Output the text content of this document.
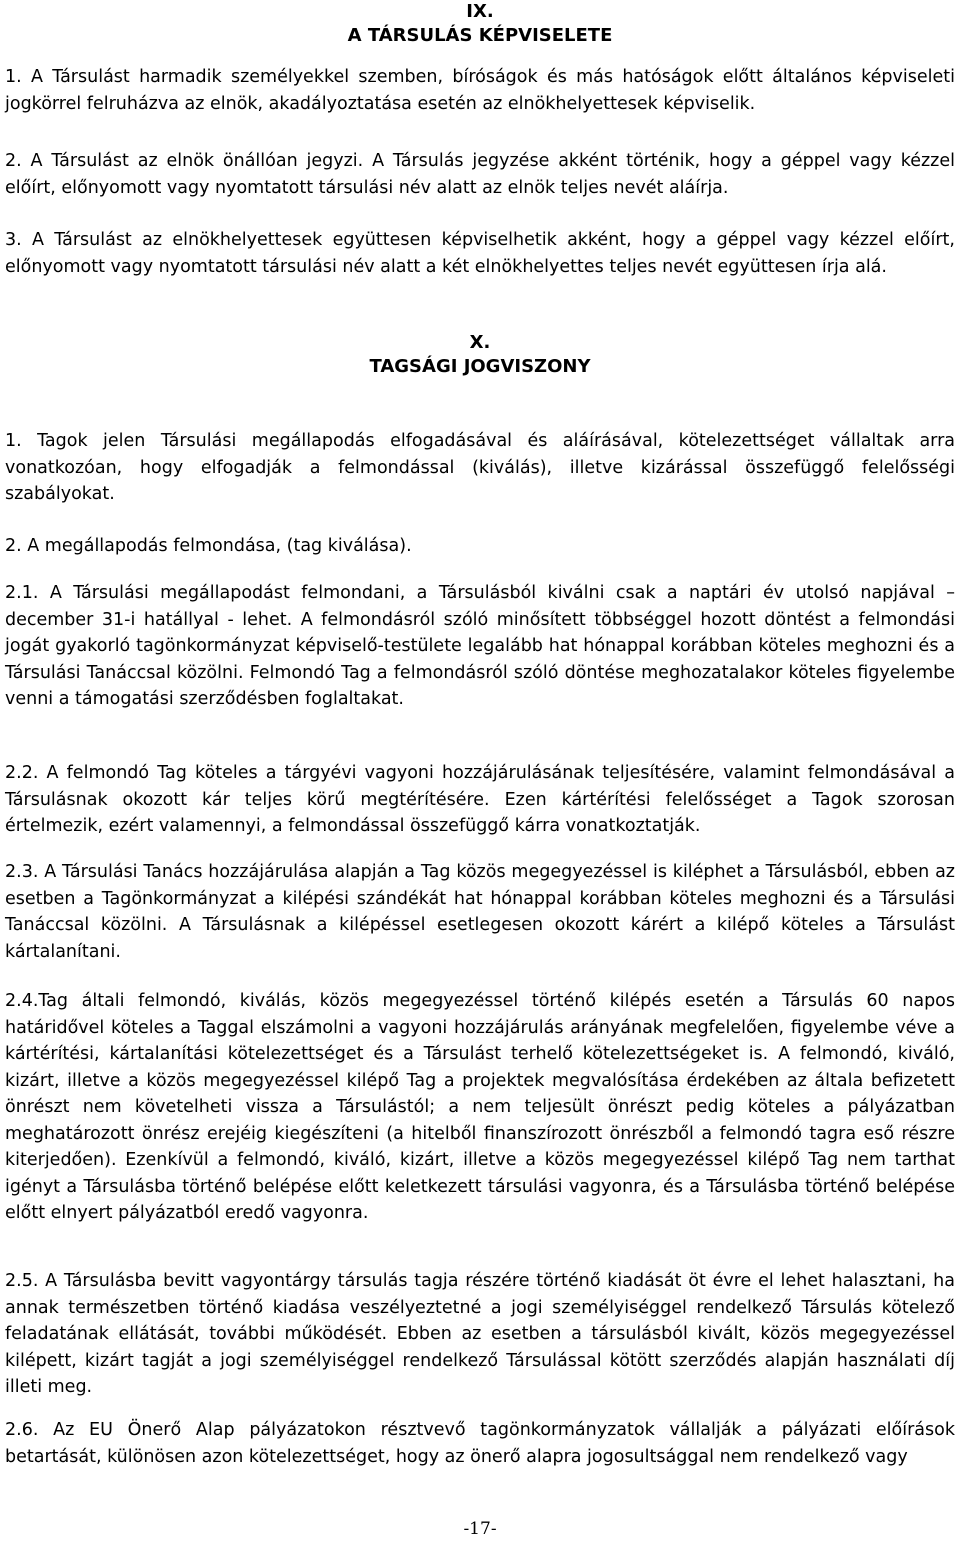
IX.
A TÁRSULÁS KÉPVISELETE

1. A Társulást harmadik személyekkel szemben, bíróságok és más hatóságok előtt általános képviseleti jogkörrel felruházva az elnök, akadályoztatása esetén az elnökhelyettesek képviselik.

2. A Társulást az elnök önállóan jegyzi. A Társulás jegyzése akként történik, hogy a géppel vagy kézzel előírt, előnyomott vagy nyomtatott társulási név alatt az elnök teljes nevét aláírja.

3. A Társulást az elnökhelyettesek együttesen képviselhetik akként, hogy a géppel vagy kézzel előírt, előnyomott vagy nyomtatott társulási név alatt a két elnökhelyettes teljes nevét együttesen írja alá.

X.
TAGSÁGI JOGVISZONY

1. Tagok jelen Társulási megállapodás elfogadásával és aláírásával, kötelezettséget vállaltak arra vonatkozóan, hogy elfogadják a felmondással (kiválás), illetve kizárással összefüggő felelősségi szabályokat.

2. A megállapodás felmondása, (tag kiválása).

2.1. A Társulási megállapodást felmondani, a Társulásból kiválni csak a naptári év utolsó napjával – december 31-i hatállyal - lehet. A felmondásról szóló minősített többséggel hozott döntést a felmondási jogát gyakorló tagönkormányzat képviselő-testülete legalább hat hónappal korábban köteles meghozni és a Társulási Tanáccsal közölni. Felmondó Tag a felmondásról szóló döntése meghozatalakor köteles figyelembe venni a támogatási szerződésben foglaltakat.

2.2. A felmondó Tag köteles a tárgyévi vagyoni hozzájárulásának teljesítésére, valamint felmondásával a Társulásnak okozott kár teljes körű megtérítésére. Ezen kártérítési felelősséget a Tagok szorosan értelmezik, ezért valamennyi, a felmondással összefüggő kárra vonatkoztatják.

2.3. A Társulási Tanács hozzájárulása alapján a Tag közös megegyezéssel is kiléphet a Társulásból, ebben az esetben a Tagönkormányzat a kilépési szándékát hat hónappal korábban köteles meghozni és a Társulási Tanáccsal közölni. A Társulásnak a kilépéssel esetlegesen okozott kárért a kilépő köteles a Társulást kártalanítani.

2.4.Tag általi felmondó, kiválás, közös megegyezéssel történő kilépés esetén a Társulás 60 napos határidővel köteles a Taggal elszámolni a vagyoni hozzájárulás arányának megfelelően, figyelembe véve a kártérítési, kártalanítási kötelezettséget és a Társulást terhelő kötelezettségeket is. A felmondó, kiváló, kizárt, illetve a közös megegyezéssel kilépő Tag a projektek megvalósítása érdekében az általa befizetett önrészt nem követelheti vissza a Társulástól; a nem teljesült önrészt pedig köteles a pályázatban meghatározott önrész erejéig kiegészíteni (a hitelből finanszírozott önrészből a felmondó tagra eső részre kiterjedően). Ezenkívül a felmondó, kiváló, kizárt, illetve a közös megegyezéssel kilépő Tag nem tarthat igényt a Társulásba történő belépése előtt keletkezett társulási vagyonra, és a Társulásba történő belépése előtt elnyert pályázatból eredő vagyonra.

2.5. A Társulásba bevitt vagyontárgy társulás tagja részére történő kiadását öt évre el lehet halasztani, ha annak természetben történő kiadása veszélyeztetné a jogi személyiséggel rendelkező Társulás kötelező feladatának ellátását, további működését. Ebben az esetben a társulásból kivált, közös megegyezéssel kilépett, kizárt tagját a jogi személyiséggel rendelkező Társulással kötött szerződés alapján használati díj illeti meg.

2.6. Az EU Önerő Alap pályázatokon résztvevő tagönkormányzatok vállalják a pályázati előírások betartását, különösen azon kötelezettséget, hogy az önerő alapra jogosultsággal nem rendelkező vagy

-17-
